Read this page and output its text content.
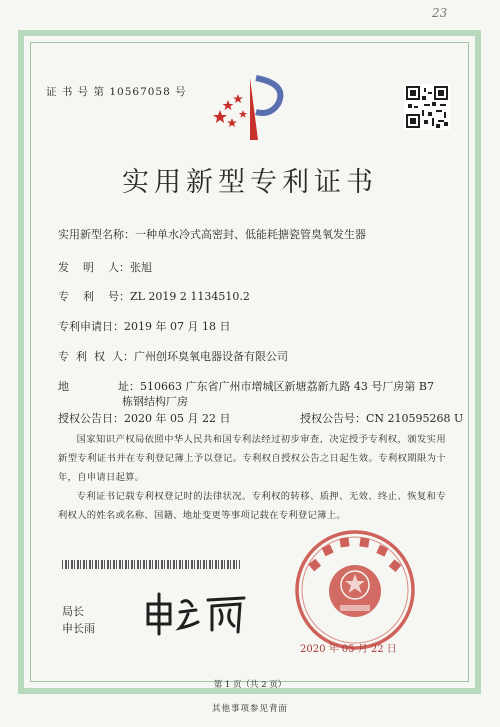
23
证 书 号 第 10567058 号
实用新型专利证书
实用新型名称：一种单水冷式高密封、低能耗搪瓷管臭氧发生器
发    明    人：张旭
专    利    号：ZL 2019 2 1134510.2
专利申请日：2019 年 07 月 18 日
专  利  权  人：广州创环臭氧电器设备有限公司
地              址：510663 广东省广州市增城区新塘荔新九路 43 号厂房第 B7
栋钢结构厂房
授权公告日：2020 年 05 月 22 日	授权公告号：CN 210595268 U
国家知识产权局依照中华人民共和国专利法经过初步审查，决定授予专利权，颁发实用新型专利证书并在专利登记簿上予以登记。专利权自授权公告之日起生效。专利权期限为十年，自申请日起算。
专利证书记载专利权登记时的法律状况。专利权的转移、质押、无效、终止、恢复和专利权人的姓名或名称、国籍、地址变更等事项记载在专利登记簿上。
局长
申长雨
2020 年 05 月 22 日
第 1 页（共 2 页）
其他事项参见背面
